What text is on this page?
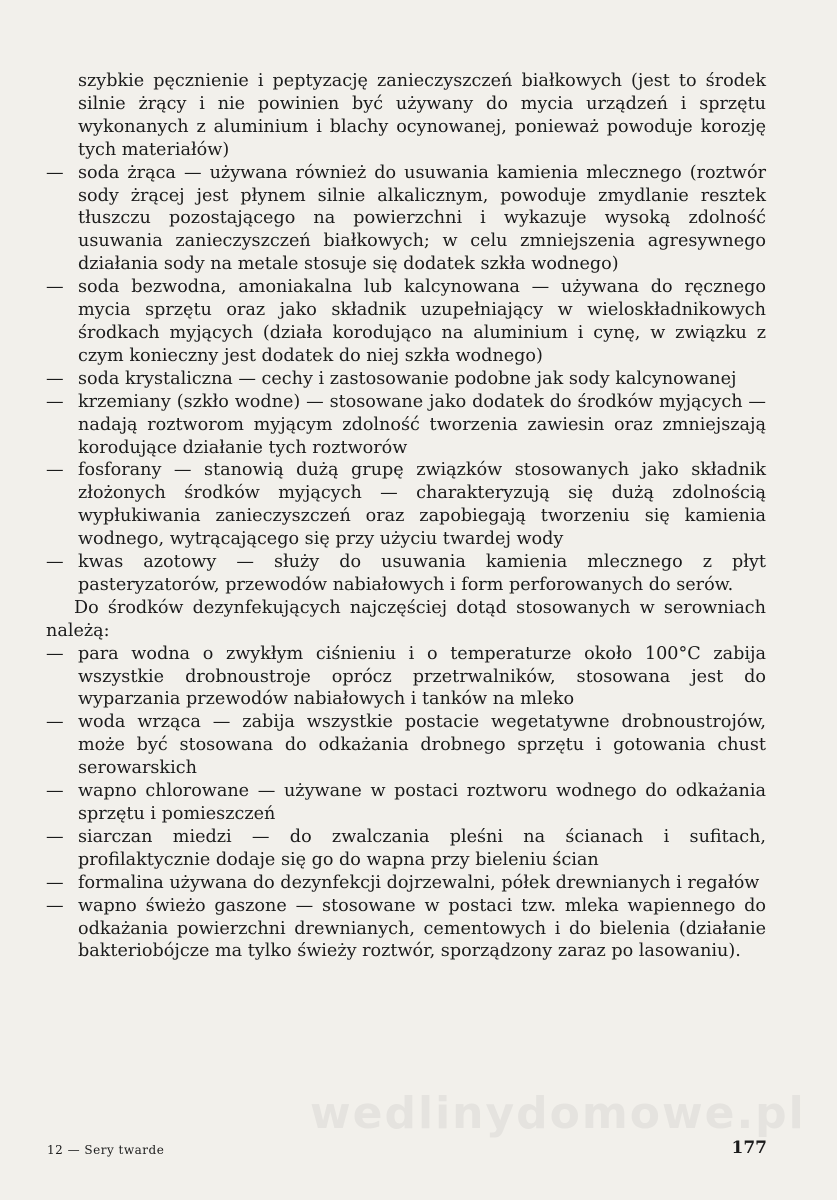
szybkie pęcznienie i peptyzację zanieczyszczeń białkowych (jest to środek silnie żrący i nie powinien być używany do mycia urządzeń i sprzętu wykonanych z aluminium i blachy ocynowanej, ponieważ powoduje korozję tych materiałów)

— soda żrąca — używana również do usuwania kamienia mlecznego (roztwór sody żrącej jest płynem silnie alkalicznym, powoduje zmydlanie resztek tłuszczu pozostającego na powierzchni i wykazuje wysoką zdolność usuwania zanieczyszczeń białkowych; w celu zmniejszenia agresywnego działania sody na metale stosuje się dodatek szkła wodnego)
— soda bezwodna, amoniakalna lub kalcynowana — używana do ręcznego mycia sprzętu oraz jako składnik uzupełniający w wieloskładnikowych środkach myjących (działa korodująco na aluminium i cynę, w związku z czym konieczny jest dodatek do niej szkła wodnego)
— soda krystaliczna — cechy i zastosowanie podobne jak sody kalcynowanej
— krzemiany (szkło wodne) — stosowane jako dodatek do środków myjących — nadają roztworom myjącym zdolność tworzenia zawiesin oraz zmniejszają korodujące działanie tych roztworów
— fosforany — stanowią dużą grupę związków stosowanych jako składnik złożonych środków myjących — charakteryzują się dużą zdolnością wypłukiwania zanieczyszczeń oraz zapobiegają tworzeniu się kamienia wodnego, wytrącającego się przy użyciu twardej wody
— kwas azotowy — służy do usuwania kamienia mlecznego z płyt pasteryzatorów, przewodów nabiałowych i form perforowanych do serów.

Do środków dezynfekujących najczęściej dotąd stosowanych w serowniach należą:

— para wodna o zwykłym ciśnieniu i o temperaturze około 100°C zabija wszystkie drobnoustroje oprócz przetrwalników, stosowana jest do wyparzania przewodów nabiałowych i tanków na mleko
— woda wrząca — zabija wszystkie postacie wegetatywne drobnoustrojów, może być stosowana do odkażania drobnego sprzętu i gotowania chust serowarskich
— wapno chlorowane — używane w postaci roztworu wodnego do odkażania sprzętu i pomieszczeń
— siarczan miedzi — do zwalczania pleśni na ścianach i sufitach, profilaktycznie dodaje się go do wapna przy bieleniu ścian
— formalina używana do dezynfekcji dojrzewalni, półek drewnianych i regałów
— wapno świeżo gaszone — stosowane w postaci tzw. mleka wapiennego do odkażania powierzchni drewnianych, cementowych i do bielenia (działanie bakteriobójcze ma tylko świeży roztwór, sporządzony zaraz po lasowaniu).
wedlinydomowe.pl
12 — Sery twarde	177
